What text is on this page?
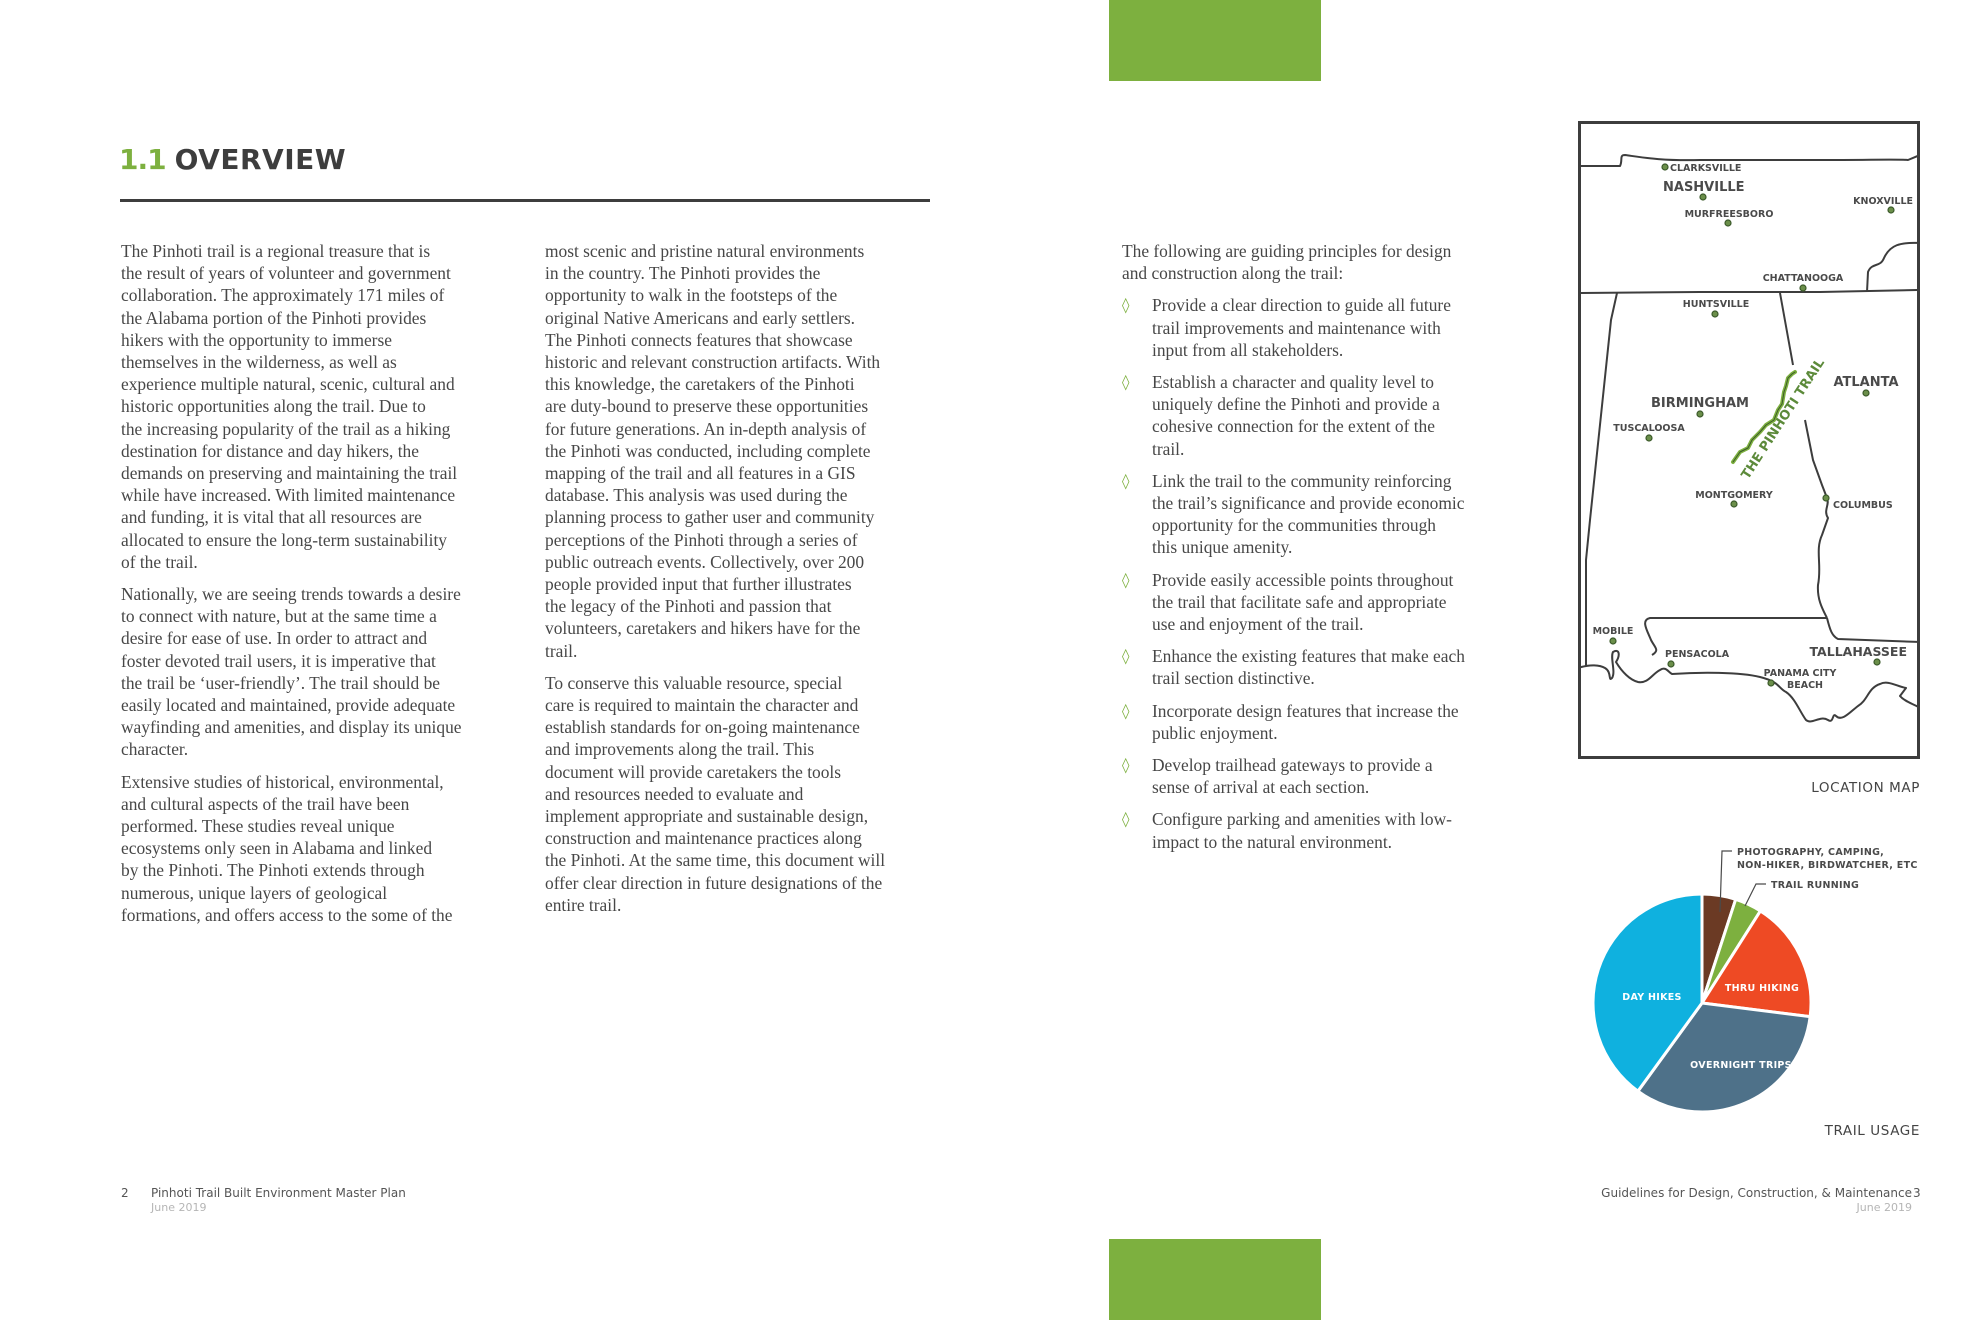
1.1 OVERVIEW

The Pinhoti trail is a regional treasure that is
the result of years of volunteer and government
collaboration. The approximately 171 miles of
the Alabama portion of the Pinhoti provides
hikers with the opportunity to immerse
themselves in the wilderness, as well as
experience multiple natural, scenic, cultural and
historic opportunities along the trail. Due to
the increasing popularity of the trail as a hiking
destination for distance and day hikers, the
demands on preserving and maintaining the trail
while have increased. With limited maintenance
and funding, it is vital that all resources are
allocated to ensure the long-term sustainability
of the trail.

Nationally, we are seeing trends towards a desire
to connect with nature, but at the same time a
desire for ease of use. In order to attract and
foster devoted trail users, it is imperative that
the trail be ‘user-friendly’. The trail should be
easily located and maintained, provide adequate
wayfinding and amenities, and display its unique
character.

Extensive studies of historical, environmental,
and cultural aspects of the trail have been
performed. These studies reveal unique
ecosystems only seen in Alabama and linked
by the Pinhoti. The Pinhoti extends through
numerous, unique layers of geological
formations, and offers access to the some of the

most scenic and pristine natural environments
in the country. The Pinhoti provides the
opportunity to walk in the footsteps of the
original Native Americans and early settlers.
The Pinhoti connects features that showcase
historic and relevant construction artifacts. With
this knowledge, the caretakers of the Pinhoti
are duty-bound to preserve these opportunities
for future generations. An in-depth analysis of
the Pinhoti was conducted, including complete
mapping of the trail and all features in a GIS
database. This analysis was used during the
planning process to gather user and community
perceptions of the Pinhoti through a series of
public outreach events. Collectively, over 200
people provided input that further illustrates
the legacy of the Pinhoti and passion that
volunteers, caretakers and hikers have for the
trail.

To conserve this valuable resource, special
care is required to maintain the character and
establish standards for on-going maintenance
and improvements along the trail. This
document will provide caretakers the tools
and resources needed to evaluate and
implement appropriate and sustainable design,
construction and maintenance practices along
the Pinhoti. At the same time, this document will
offer clear direction in future designations of the
entire trail.

The following are guiding principles for design
and construction along the trail:

◊ Provide a clear direction to guide all future
trail improvements and maintenance with
input from all stakeholders.
◊ Establish a character and quality level to
uniquely define the Pinhoti and provide a
cohesive connection for the extent of the
trail.
◊ Link the trail to the community reinforcing
the trail’s significance and provide economic
opportunity for the communities through
this unique amenity.
◊ Provide easily accessible points throughout
the trail that facilitate safe and appropriate
use and enjoyment of the trail.
◊ Enhance the existing features that make each
trail section distinctive.
◊ Incorporate design features that increase the
public enjoyment.
◊ Develop trailhead gateways to provide a
sense of arrival at each section.
◊ Configure parking and amenities with low-
impact to the natural environment.
THE PINHOTI TRAIL
CLARKSVILLE
NASHVILLE
MURFREESBORO
KNOXVILLE
CHATTANOOGA
HUNTSVILLE
BIRMINGHAM
TUSCALOOSA
ATLANTA
MONTGOMERY
COLUMBUS
MOBILE
PENSACOLA	TALLAHASSEE
PANAMA CITY
BEACH
LOCATION MAP
PHOTOGRAPHY, CAMPING,
NON-HIKER, BIRDWATCHER, ETC
TRAIL RUNNING
THRU HIKING
OVERNIGHT TRIPS
DAY HIKES
TRAIL USAGE
2 Pinhoti Trail Built Environment Master Plan
June 2019
Guidelines for Design, Construction, & Maintenance
June 2019
3
